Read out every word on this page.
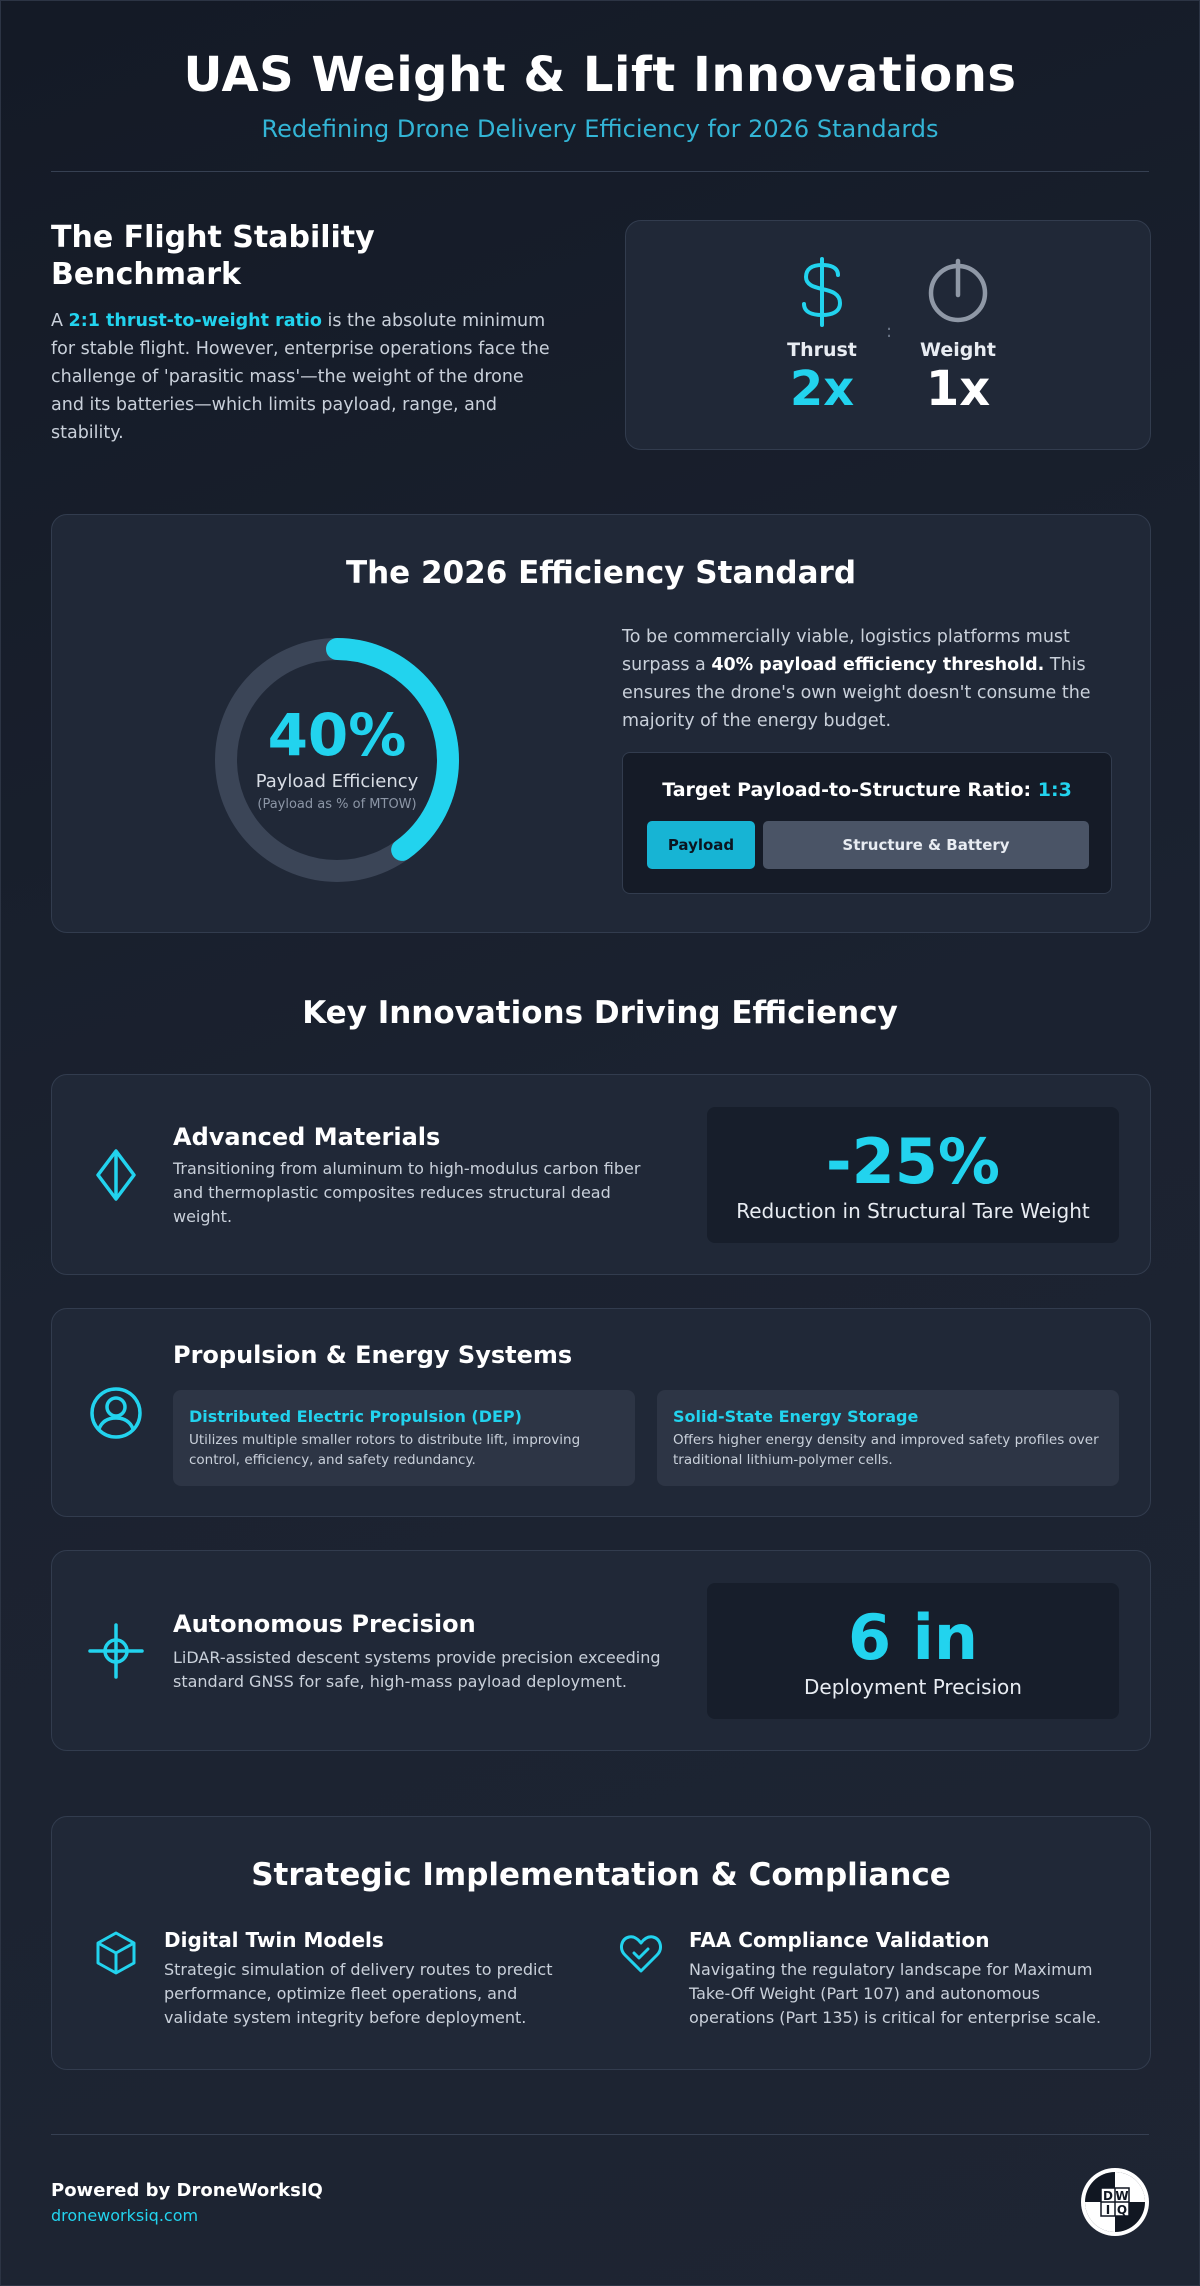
UAS Weight & Lift Innovations
Redefining Drone Delivery Efficiency for 2026 Standards
The Flight Stability Benchmark
A 2:1 thrust-to-weight ratio is the absolute minimum for stable flight. However, enterprise operations face the challenge of 'parasitic mass'—the weight of the drone and its batteries—which limits payload, range, and stability.
Thrust
2x
:
Weight
1x
The 2026 Efficiency Standard
40%
Payload Efficiency
(Payload as % of MTOW)
To be commercially viable, logistics platforms must surpass a 40% payload efficiency threshold. This ensures the drone's own weight doesn't consume the majority of the energy budget.
Target Payload-to-Structure Ratio: 1:3
Payload	Structure & Battery
Key Innovations Driving Efficiency
Advanced Materials
Transitioning from aluminum to high-modulus carbon fiber and thermoplastic composites reduces structural dead weight.
-25%
Reduction in Structural Tare Weight
Propulsion & Energy Systems
Distributed Electric Propulsion (DEP)
Utilizes multiple smaller rotors to distribute lift, improving control, efficiency, and safety redundancy.
Solid-State Energy Storage
Offers higher energy density and improved safety profiles over traditional lithium-polymer cells.
Autonomous Precision
LiDAR-assisted descent systems provide precision exceeding standard GNSS for safe, high-mass payload deployment.
6 in
Deployment Precision
Strategic Implementation & Compliance
Digital Twin Models
Strategic simulation of delivery routes to predict performance, optimize fleet operations, and validate system integrity before deployment.
FAA Compliance Validation
Navigating the regulatory landscape for Maximum Take-Off Weight (Part 107) and autonomous operations (Part 135) is critical for enterprise scale.
Powered by DroneWorksIQ
droneworksiq.com
D W
I Q
